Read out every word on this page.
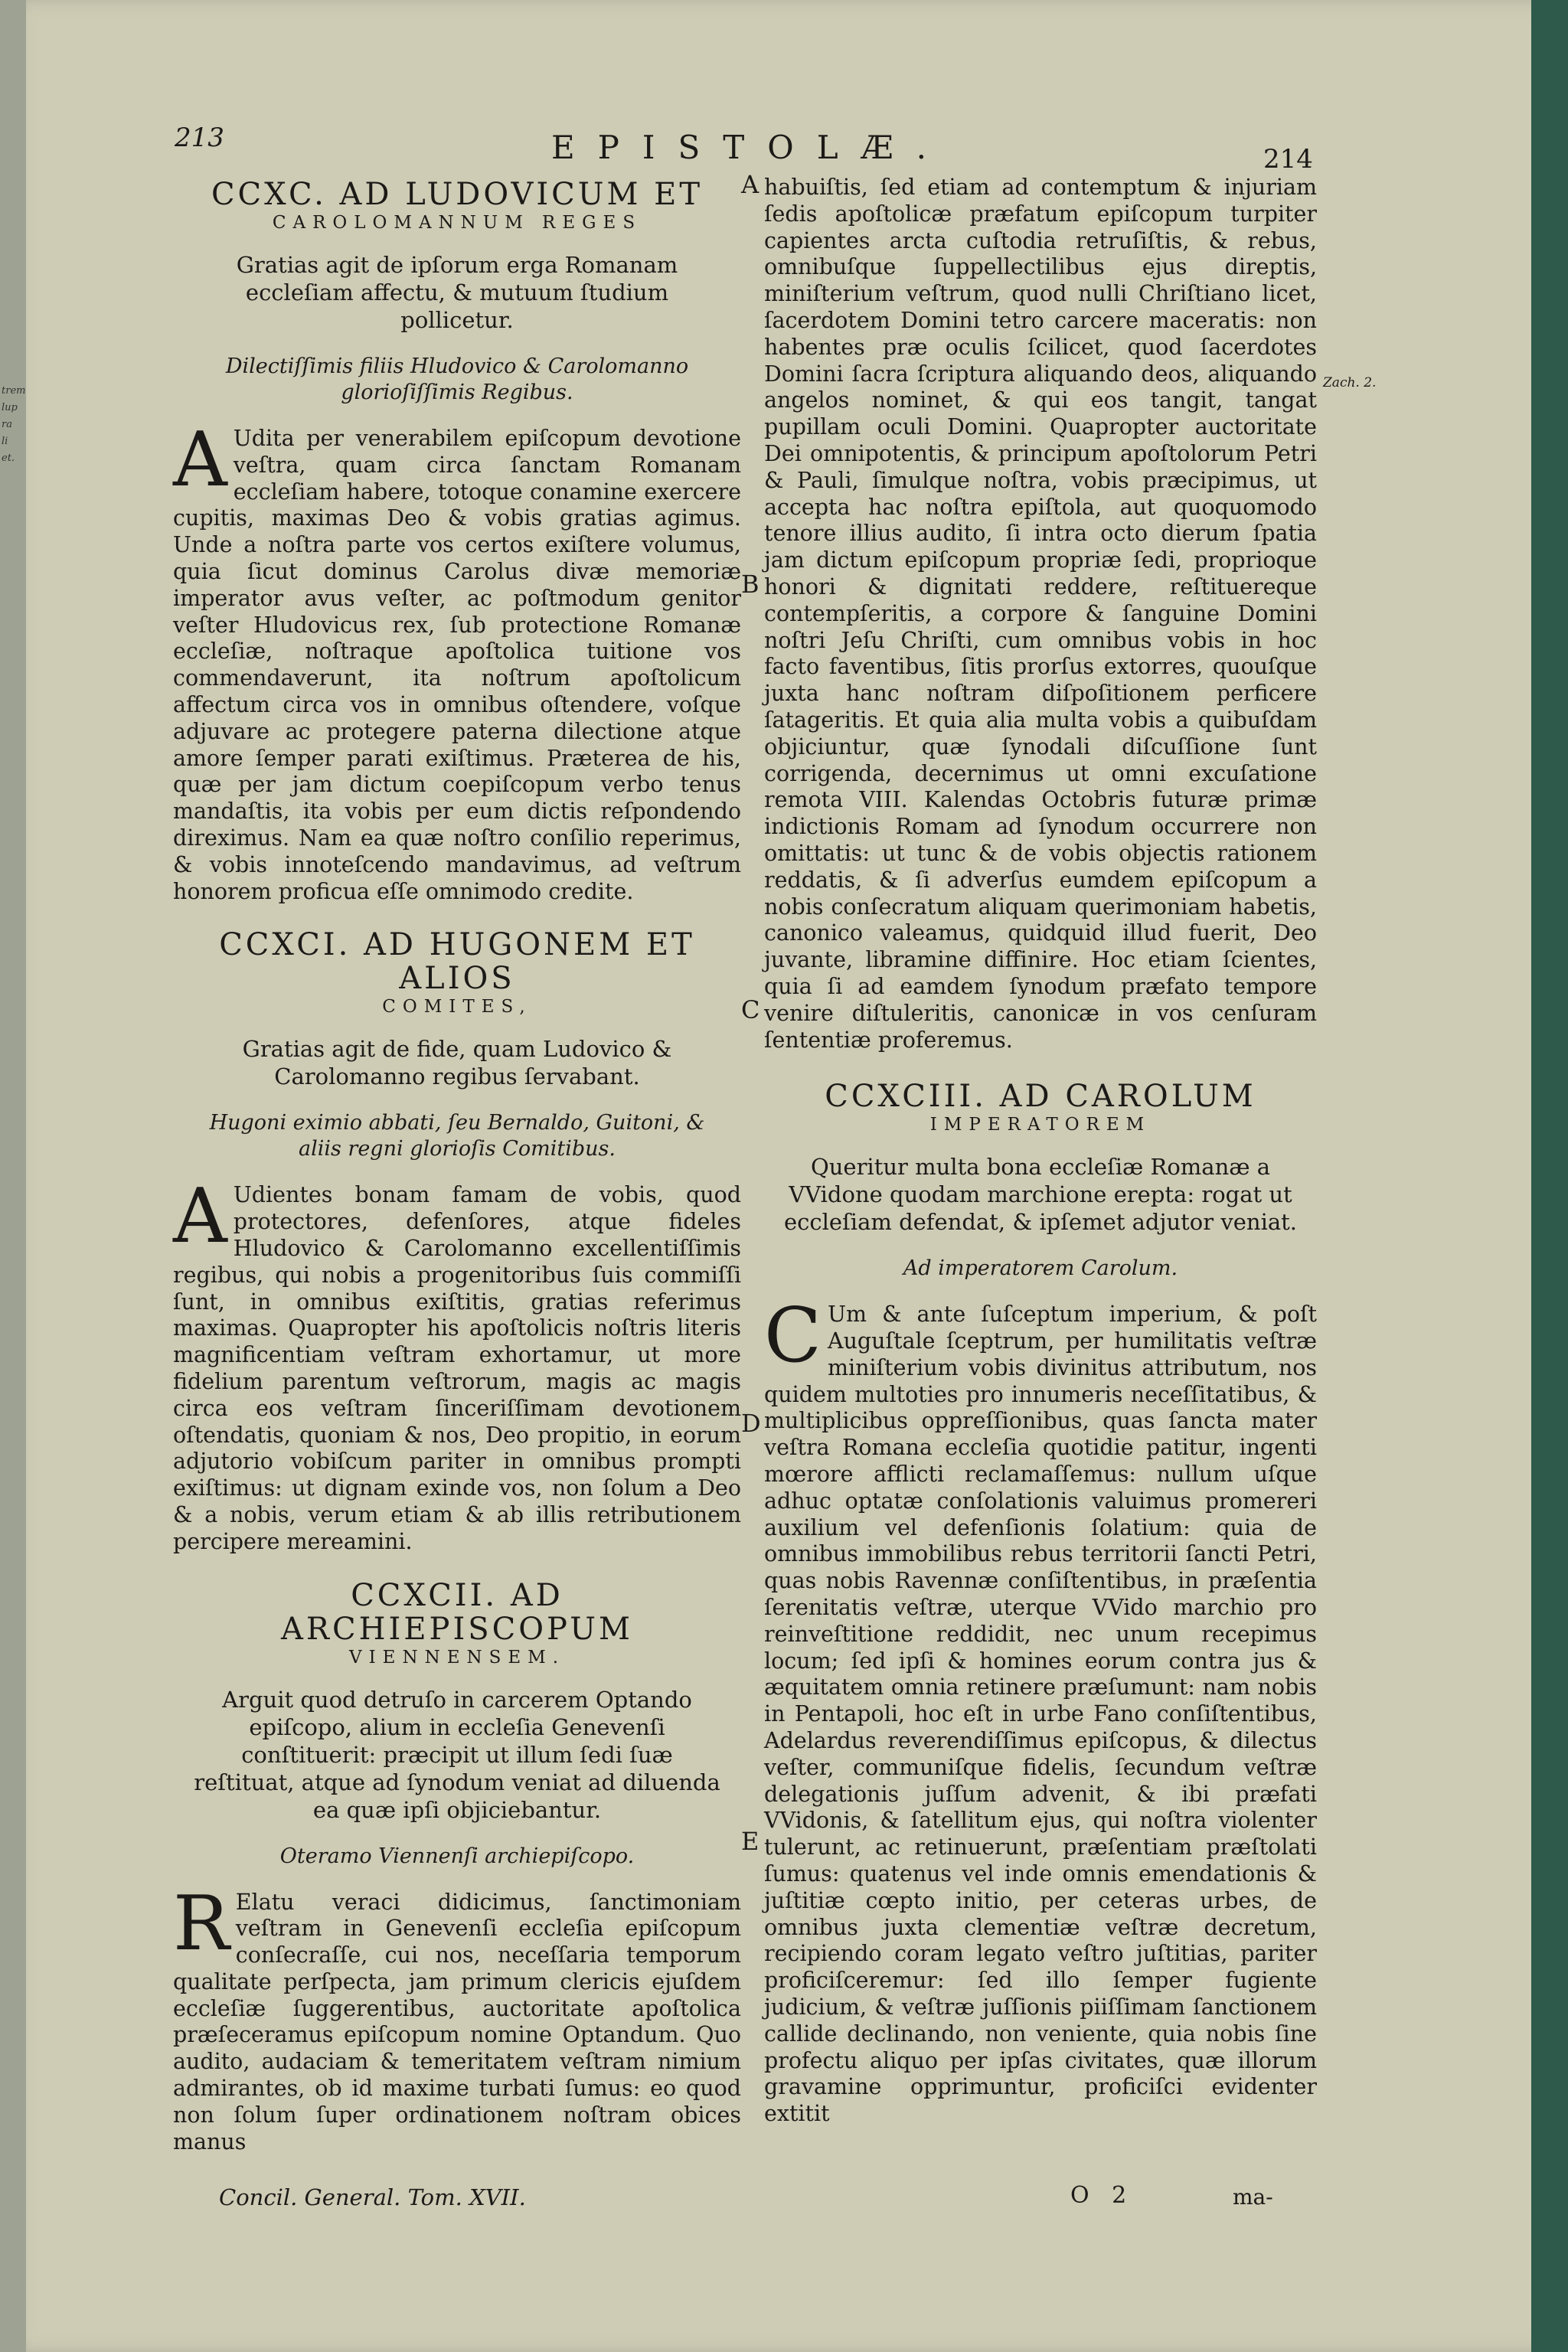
trem lup ra li et.
213	EPISTOLÆ.	214
CCXC. AD LUDOVICUM ET
CAROLOMANNUM REGES
Gratias agit de ipſorum erga Romanam eccleſiam affectu, & mutuum ſtudium pollicetur.
Dilectiſſimis filiis Hludovico & Carolomanno glorioſiſſimis Regibus.
A Udita per venerabilem epiſcopum devotione veſtra, quam circa ſanctam Romanam eccleſiam habere, totoque conamine exercere cupitis, maximas Deo & vobis gratias agimus. Unde a noſtra parte vos certos exiſtere volumus, quia ſicut dominus Carolus divæ memoriæ imperator avus veſter, ac poſtmodum genitor veſter Hludovicus rex, ſub protectione Romanæ eccleſiæ, noſtraque apoſtolica tuitione vos commendaverunt, ita noſtrum apoſtolicum affectum circa vos in omnibus oſtendere, voſque adjuvare ac protegere paterna dilectione atque amore ſemper parati exiſtimus. Præterea de his, quæ per jam dictum coepiſcopum verbo tenus mandaſtis, ita vobis per eum dictis reſpondendo direximus. Nam ea quæ noſtro conſilio reperimus, & vobis innoteſcendo mandavimus, ad veſtrum honorem proficua eſſe omnimodo credite.

CCXCI. AD HUGONEM ET ALIOS
COMITES,
Gratias agit de fide, quam Ludovico & Carolomanno regibus ſervabant.
Hugoni eximio abbati, ſeu Bernaldo, Guitoni, & aliis regni glorioſis Comitibus.
A Udientes bonam famam de vobis, quod protectores, defenſores, atque fideles Hludovico & Carolomanno excellentiſſimis regibus, qui nobis a progenitoribus ſuis commiſſi ſunt, in omnibus exiſtitis, gratias referimus maximas. Quapropter his apoſtolicis noſtris literis magnificentiam veſtram exhortamur, ut more fidelium parentum veſtrorum, magis ac magis circa eos veſtram ſinceriſſimam devotionem oſtendatis, quoniam & nos, Deo propitio, in eorum adjutorio vobiſcum pariter in omnibus prompti exiſtimus: ut dignam exinde vos, non ſolum a Deo & a nobis, verum etiam & ab illis retributionem percipere mereamini.

CCXCII. AD ARCHIEPISCOPUM
VIENNENSEM.
Arguit quod detruſo in carcerem Optando epiſcopo, alium in eccleſia Genevenſi conſtituerit: præcipit ut illum ſedi ſuæ reſtituat, atque ad ſynodum veniat ad diluenda ea quæ ipſi objiciebantur.
Oteramo Viennenſi archiepiſcopo.
R Elatu veraci didicimus, ſanctimoniam veſtram in Genevenſi eccleſia epiſcopum conſecraſſe, cui nos, neceſſaria temporum qualitate perſpecta, jam primum clericis ejuſdem eccleſiæ ſuggerentibus, auctoritate apoſtolica præſeceramus epiſcopum nomine Optandum. Quo audito, audaciam & temeritatem veſtram nimium admirantes, ob id maxime turbati ſumus: eo quod non ſolum ſuper ordinationem noſtram obices manus

Concil. General. Tom. XVII.
A
B
C
D
E

habuiſtis, ſed etiam ad contemptum & injuriam ſedis apoſtolicæ præfatum epiſcopum turpiter capientes arcta cuſtodia retruſiſtis, & rebus, omnibuſque ſuppellectilibus ejus direptis, miniſterium veſtrum, quod nulli Chriſtiano licet, ſacerdotem Domini tetro carcere maceratis: non habentes præ oculis ſcilicet, quod ſacerdotes Domini ſacra ſcriptura aliquando deos, aliquando angelos nominet, & qui eos tangit, tangat pupillam oculi Domini. Quapropter auctoritate Dei omnipotentis, & principum apoſtolorum Petri & Pauli, ſimulque noſtra, vobis præcipimus, ut accepta hac noſtra epiſtola, aut quoquomodo tenore illius audito, ſi intra octo dierum ſpatia jam dictum epiſcopum propriæ ſedi, proprioque honori & dignitati reddere, reſtituereque contempſeritis, a corpore & ſanguine Domini noſtri Jeſu Chriſti, cum omnibus vobis in hoc facto faventibus, ſitis prorſus extorres, quouſque juxta hanc noſtram diſpoſitionem perficere ſatageritis. Et quia alia multa vobis a quibuſdam objiciuntur, quæ ſynodali diſcuſſione ſunt corrigenda, decernimus ut omni excuſatione remota VIII. Kalendas Octobris futuræ primæ indictionis Romam ad ſynodum occurrere non omittatis: ut tunc & de vobis objectis rationem reddatis, & ſi adverſus eumdem epiſcopum a nobis conſecratum aliquam querimoniam habetis, canonico valeamus, quidquid illud fuerit, Deo juvante, libramine diffinire. Hoc etiam ſcientes, quia ſi ad eamdem ſynodum præfato tempore venire diſtuleritis, canonicæ in vos cenſuram ſententiæ proferemus.

CCXCIII. AD CAROLUM
IMPERATOREM
Queritur multa bona eccleſiæ Romanæ a VVidone quodam marchione erepta: rogat ut eccleſiam defendat, & ipſemet adjutor veniat.
Ad imperatorem Carolum.
C Um & ante ſuſceptum imperium, & poſt Auguſtale ſceptrum, per humilitatis veſtræ miniſterium vobis divinitus attributum, nos quidem multoties pro innumeris neceſſitatibus, & multiplicibus oppreſſionibus, quas ſancta mater veſtra Romana eccleſia quotidie patitur, ingenti mœrore afflicti reclamaſſemus: nullum uſque adhuc optatæ conſolationis valuimus promereri auxilium vel defenſionis ſolatium: quia de omnibus immobilibus rebus territorii ſancti Petri, quas nobis Ravennæ conſiſtentibus, in præſentia ſerenitatis veſtræ, uterque VVido marchio pro reinveſtitione reddidit, nec unum recepimus locum; ſed ipſi & homines eorum contra jus & æquitatem omnia retinere præſumunt: nam nobis in Pentapoli, hoc eſt in urbe Fano conſiſtentibus, Adelardus reverendiſſimus epiſcopus, & dilectus veſter, communiſque fidelis, ſecundum veſtræ delegationis juſſum advenit, & ibi præfati VVidonis, & ſatellitum ejus, qui noſtra violenter tulerunt, ac retinuerunt, præſentiam præſtolati ſumus: quatenus vel inde omnis emendationis & juſtitiæ cœpto initio, per ceteras urbes, de omnibus juxta clementiæ veſtræ decretum, recipiendo coram legato veſtro juſtitias, pariter proficiſceremur: ſed illo ſemper fugiente judicium, & veſtræ juſſionis piiſſimam ſanctionem callide declinando, non veniente, quia nobis ſine profectu aliquo per ipſas civitates, quæ illorum gravamine opprimuntur, proficiſci evidenter extitit

Zach. 2.
O 2	ma-
